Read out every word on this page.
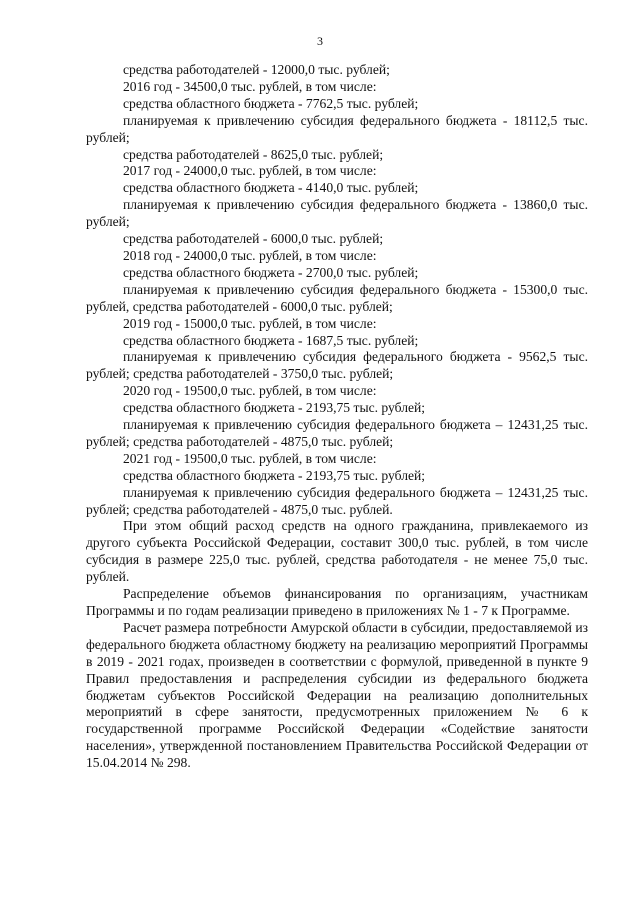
3

средства работодателей - 12000,0 тыс. рублей;

2016 год - 34500,0 тыс. рублей, в том числе:

средства областного бюджета - 7762,5 тыс. рублей;

планируемая к привлечению субсидия федерального бюджета - 18112,5 тыс. рублей;

средства работодателей - 8625,0 тыс. рублей;

2017 год - 24000,0 тыс. рублей, в том числе:

средства областного бюджета - 4140,0 тыс. рублей;

планируемая к привлечению субсидия федерального бюджета - 13860,0 тыс. рублей;

средства работодателей - 6000,0 тыс. рублей;

2018 год - 24000,0 тыс. рублей, в том числе:

средства областного бюджета - 2700,0 тыс. рублей;

планируемая к привлечению субсидия федерального бюджета - 15300,0 тыс. рублей, средства работодателей - 6000,0 тыс. рублей;

2019 год - 15000,0 тыс. рублей, в том числе:

средства областного бюджета - 1687,5 тыс. рублей;

планируемая к привлечению субсидия федерального бюджета - 9562,5 тыс. рублей; средства работодателей - 3750,0 тыс. рублей;

2020 год - 19500,0 тыс. рублей, в том числе:

средства областного бюджета - 2193,75 тыс. рублей;

планируемая к привлечению субсидия федерального бюджета – 12431,25 тыс. рублей; средства работодателей - 4875,0 тыс. рублей;

2021 год - 19500,0 тыс. рублей, в том числе:

средства областного бюджета - 2193,75 тыс. рублей;

планируемая к привлечению субсидия федерального бюджета – 12431,25 тыс. рублей; средства работодателей - 4875,0 тыс. рублей.

При этом общий расход средств на одного гражданина, привлекаемого из другого субъекта Российской Федерации, составит 300,0 тыс. рублей, в том числе субсидия в размере 225,0 тыс. рублей, средства работодателя - не менее 75,0 тыс. рублей.

Распределение объемов финансирования по организациям, участникам Программы и по годам реализации приведено в приложениях № 1 - 7 к Программе.

Расчет размера потребности Амурской области в субсидии, предоставляемой из федерального бюджета областному бюджету на реализацию мероприятий Программы в 2019 - 2021 годах, произведен в соответствии с формулой, приведенной в пункте 9 Правил предоставления и распределения субсидии из федерального бюджета бюджетам субъектов Российской Федерации на реализацию дополнительных мероприятий в сфере занятости, предусмотренных приложением № 6 к государственной программе Российской Федерации «Содействие занятости населения», утвержденной постановлением Правительства Российской Федерации от 15.04.2014 № 298.
